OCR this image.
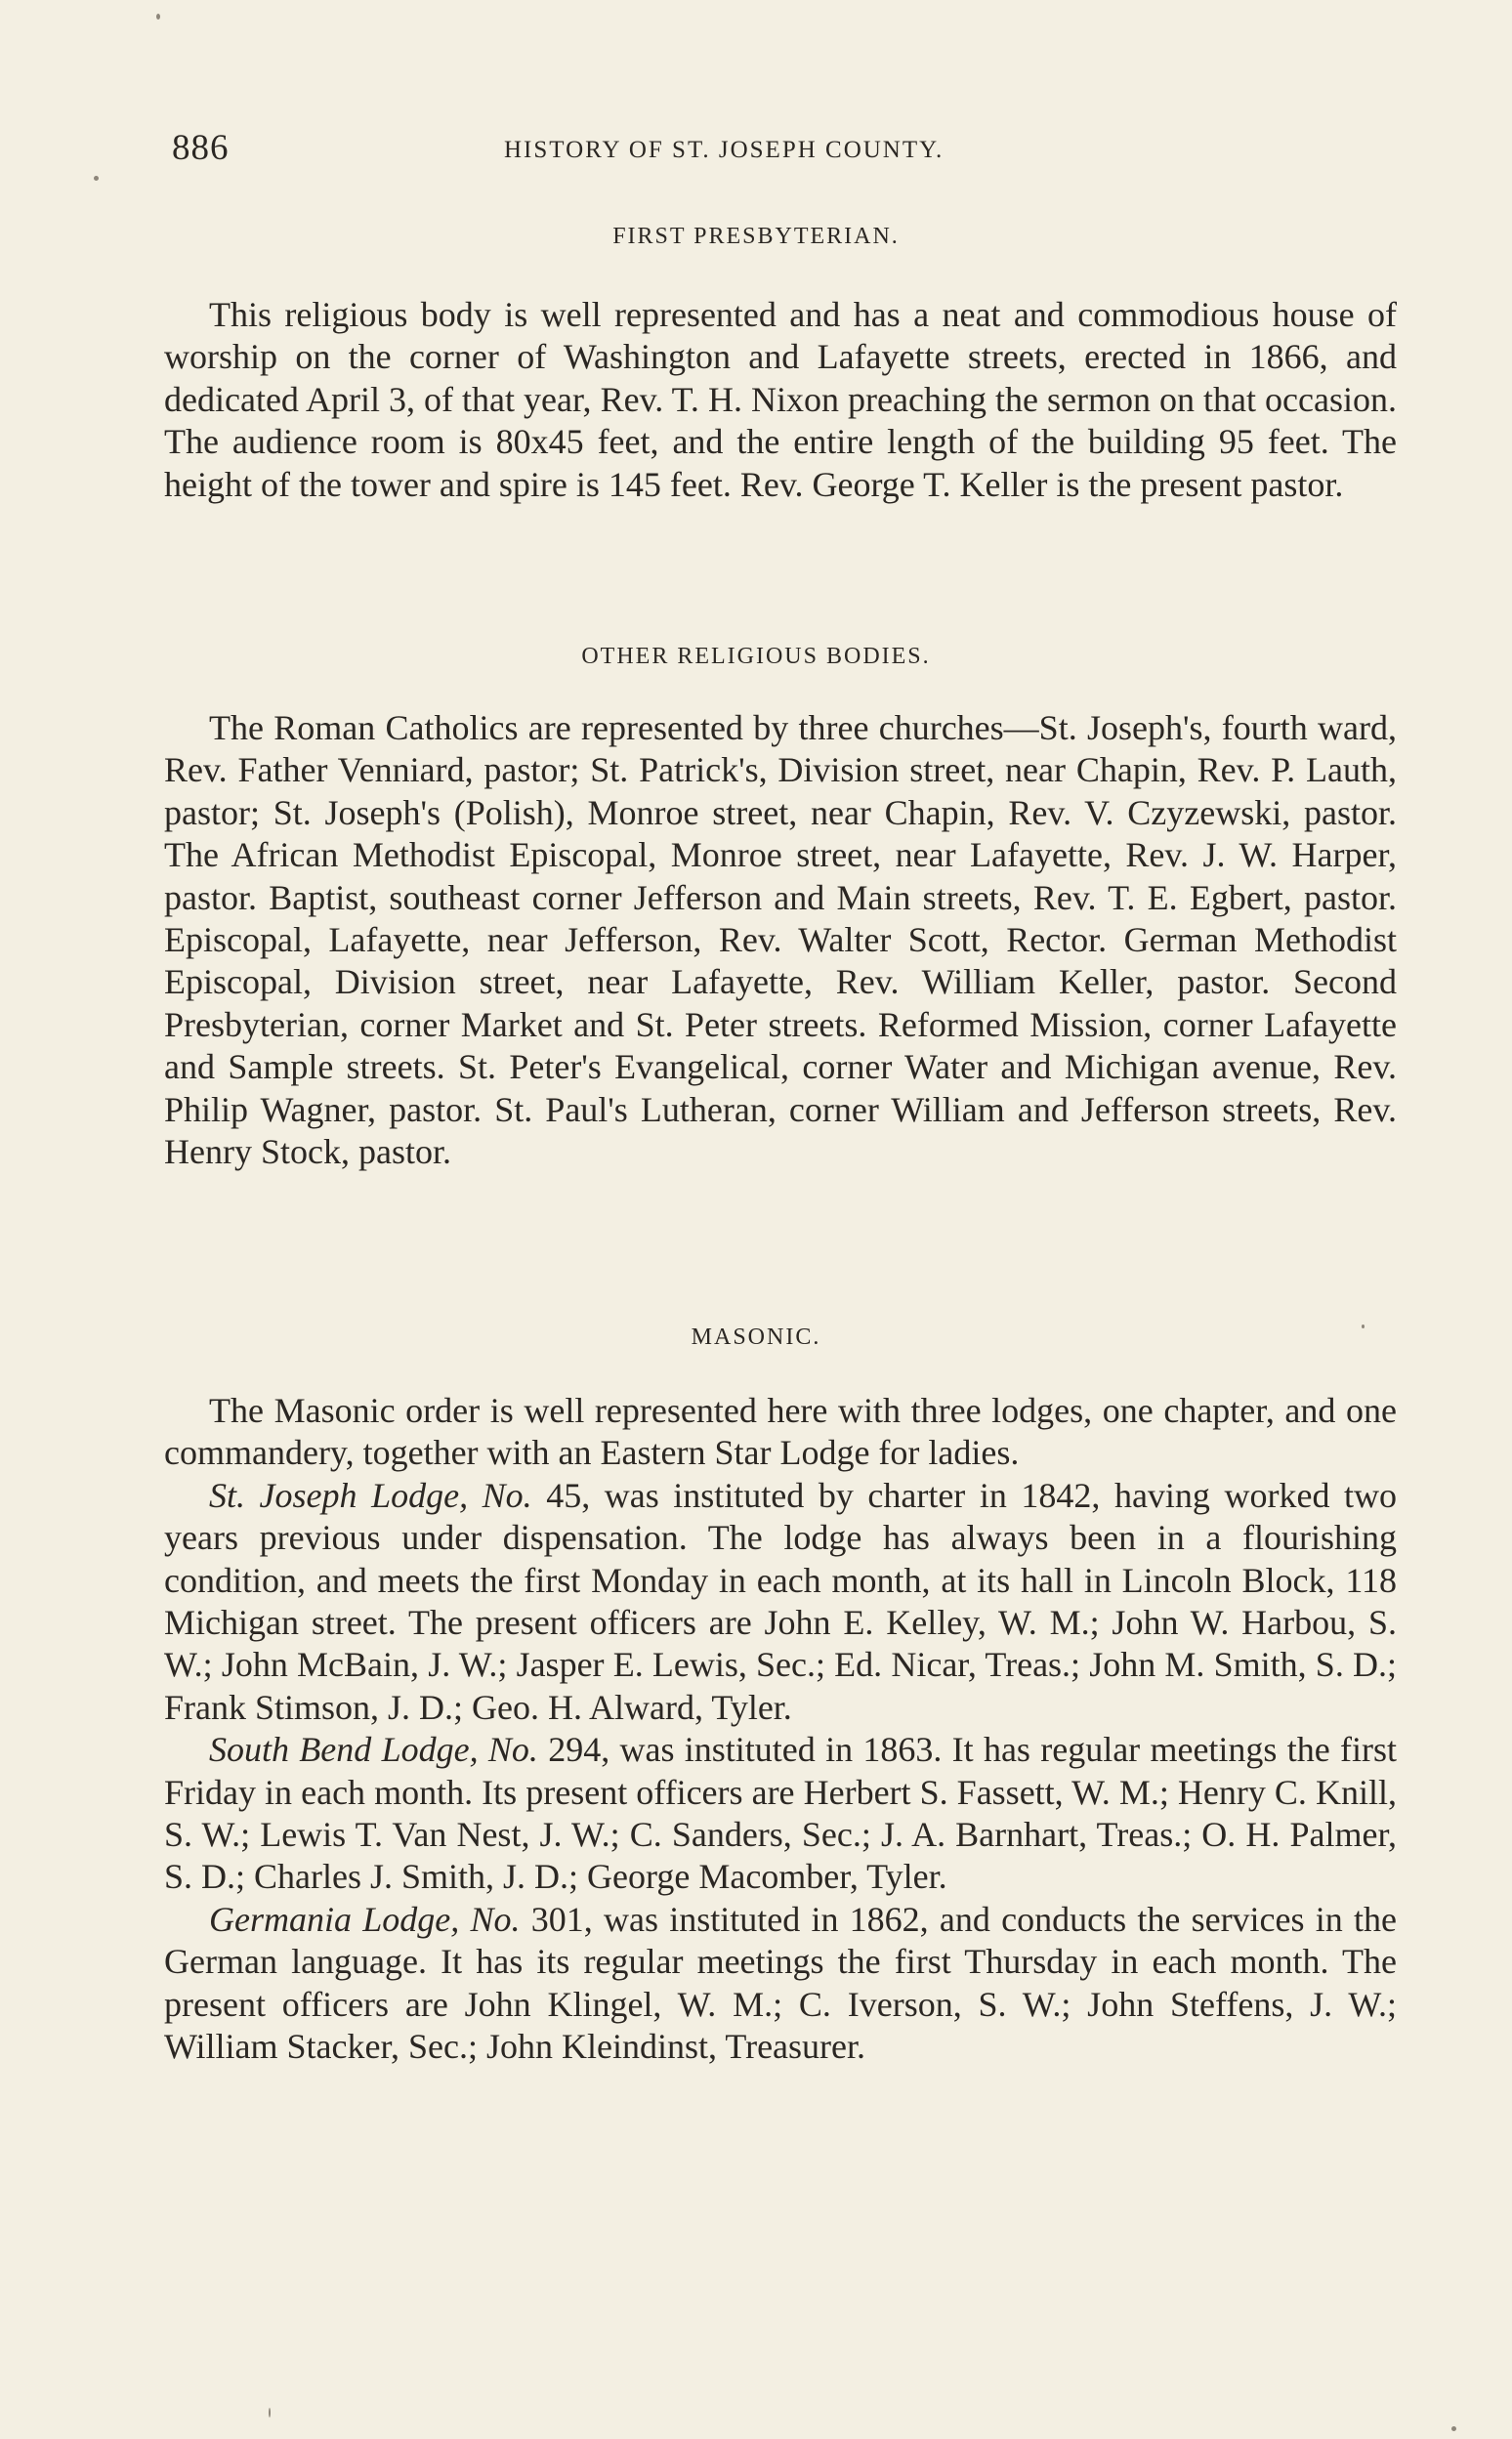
886	HISTORY OF ST. JOSEPH COUNTY.
FIRST PRESBYTERIAN.

This religious body is well represented and has a neat and commodious house of worship on the corner of Washington and Lafayette streets, erected in 1866, and dedicated April 3, of that year, Rev. T. H. Nixon preaching the sermon on that occasion. The audience room is 80x45 feet, and the entire length of the building 95 feet. The height of the tower and spire is 145 feet. Rev. George T. Keller is the present pastor.

OTHER RELIGIOUS BODIES.

The Roman Catholics are represented by three churches—St. Joseph's, fourth ward, Rev. Father Venniard, pastor; St. Patrick's, Division street, near Chapin, Rev. P. Lauth, pastor; St. Joseph's (Polish), Monroe street, near Chapin, Rev. V. Czyzewski, pastor. The African Methodist Episcopal, Monroe street, near Lafayette, Rev. J. W. Harper, pastor. Baptist, southeast corner Jefferson and Main streets, Rev. T. E. Egbert, pastor. Episcopal, Lafayette, near Jefferson, Rev. Walter Scott, Rector. German Methodist Episcopal, Division street, near Lafayette, Rev. William Keller, pastor. Second Presbyterian, corner Market and St. Peter streets. Reformed Mission, corner Lafayette and Sample streets. St. Peter's Evangelical, corner Water and Michigan avenue, Rev. Philip Wagner, pastor. St. Paul's Lutheran, corner William and Jefferson streets, Rev. Henry Stock, pastor.

MASONIC.

The Masonic order is well represented here with three lodges, one chapter, and one commandery, together with an Eastern Star Lodge for ladies.

St. Joseph Lodge, No. 45, was instituted by charter in 1842, having worked two years previous under dispensation. The lodge has always been in a flourishing condition, and meets the first Monday in each month, at its hall in Lincoln Block, 118 Michigan street. The present officers are John E. Kelley, W. M.; John W. Harbou, S. W.; John McBain, J. W.; Jasper E. Lewis, Sec.; Ed. Nicar, Treas.; John M. Smith, S. D.; Frank Stimson, J. D.; Geo. H. Alward, Tyler.

South Bend Lodge, No. 294, was instituted in 1863. It has regular meetings the first Friday in each month. Its present officers are Herbert S. Fassett, W. M.; Henry C. Knill, S. W.; Lewis T. Van Nest, J. W.; C. Sanders, Sec.; J. A. Barnhart, Treas.; O. H. Palmer, S. D.; Charles J. Smith, J. D.; George Macomber, Tyler.

Germania Lodge, No. 301, was instituted in 1862, and conducts the services in the German language. It has its regular meetings the first Thursday in each month. The present officers are John Klingel, W. M.; C. Iverson, S. W.; John Steffens, J. W.; William Stacker, Sec.; John Kleindinst, Treasurer.
